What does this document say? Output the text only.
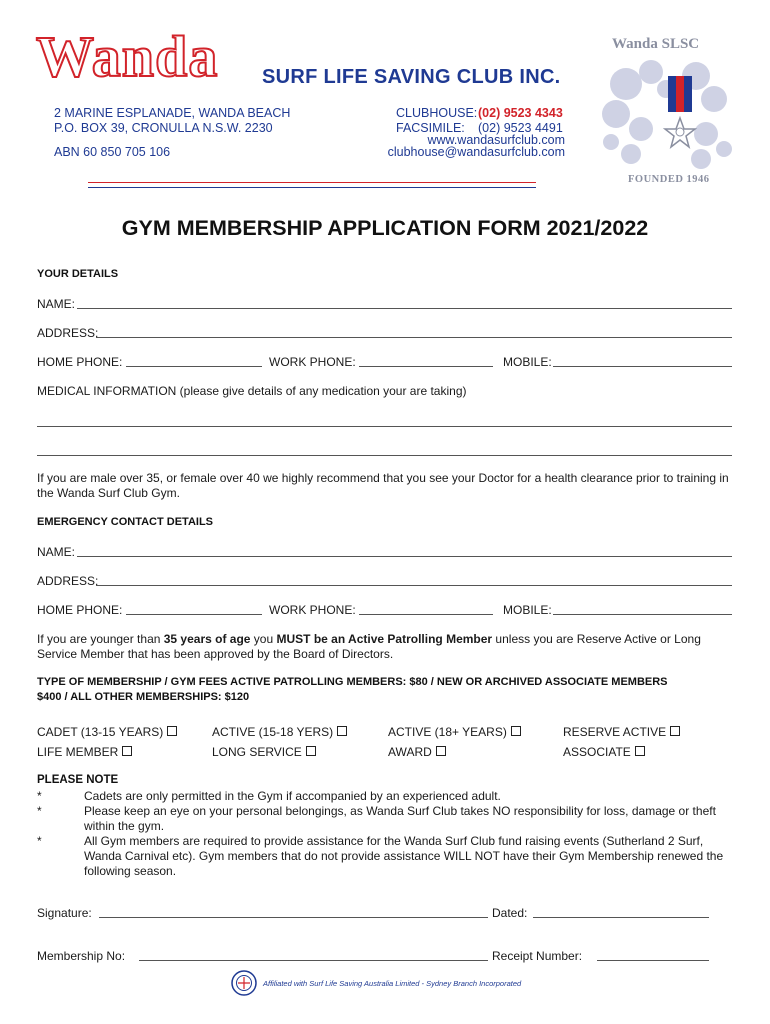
Wanda SURF LIFE SAVING CLUB INC.
2 MARINE ESPLANADE, WANDA BEACH
P.O. BOX 39, CRONULLA N.S.W. 2230
ABN 60 850 705 106
CLUBHOUSE: (02) 9523 4343
FACSIMILE: (02) 9523 4491
www.wandasurfclub.com
clubhouse@wandasurfclub.com
Wanda SLSC
FOUNDED 1946
GYM MEMBERSHIP APPLICATION FORM 2021/2022
YOUR DETAILS
NAME:
ADDRESS:
HOME PHONE:	WORK PHONE:	MOBILE:
MEDICAL INFORMATION (please give details of any medication your are taking)
If you are male over 35, or female over 40 we highly recommend that you see your Doctor for a health clearance prior to training in the Wanda Surf Club Gym.
EMERGENCY CONTACT DETAILS
NAME:
ADDRESS:
HOME PHONE:	WORK PHONE:	MOBILE:
If you are younger than 35 years of age you MUST be an Active Patrolling Member unless you are Reserve Active or Long Service Member that has been approved by the Board of Directors.
TYPE OF MEMBERSHIP / GYM FEES ACTIVE PATROLLING MEMBERS: $80 / NEW OR ARCHIVED ASSOCIATE MEMBERS
$400 / ALL OTHER MEMBERSHIPS: $120
CADET (13-15 YEARS)	ACTIVE (15-18 YERS)	ACTIVE (18+ YEARS)	RESERVE ACTIVE
LIFE MEMBER	LONG SERVICE	AWARD	ASSOCIATE
PLEASE NOTE
*	Cadets are only permitted in the Gym if accompanied by an experienced adult.
*	Please keep an eye on your personal belongings, as Wanda Surf Club takes NO responsibility for loss, damage or theft within the gym.
*	All Gym members are required to provide assistance for the Wanda Surf Club fund raising events (Sutherland 2 Surf, Wanda Carnival etc). Gym members that do not provide assistance WILL NOT have their Gym Membership renewed the following season.
Signature:	Dated:
Membership No:	Receipt Number:
Affiliated with Surf Life Saving Australia Limited - Sydney Branch Incorporated
